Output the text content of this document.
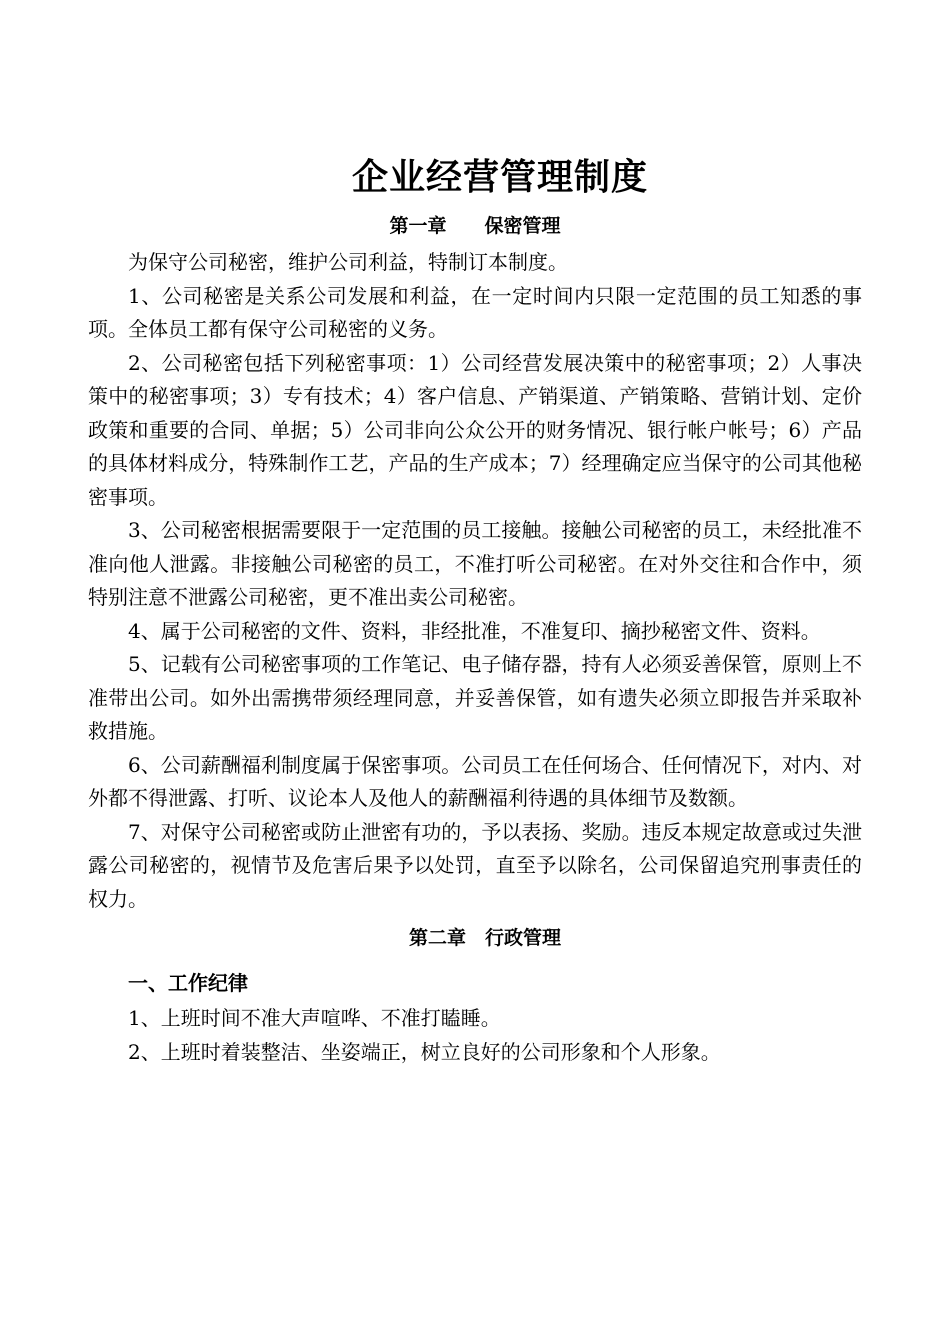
企业经营管理制度
第一章　　保密管理

为保守公司秘密，维护公司利益，特制订本制度。

1、公司秘密是关系公司发展和利益，在一定时间内只限一定范围的员工知悉的事项。全体员工都有保守公司秘密的义务。

2、公司秘密包括下列秘密事项：1）公司经营发展决策中的秘密事项；2）人事决策中的秘密事项；3）专有技术；4）客户信息、产销渠道、产销策略、营销计划、定价政策和重要的合同、单据；5）公司非向公众公开的财务情况、银行帐户帐号；6）产品的具体材料成分，特殊制作工艺，产品的生产成本；7）经理确定应当保守的公司其他秘密事项。

3、公司秘密根据需要限于一定范围的员工接触。接触公司秘密的员工，未经批准不准向他人泄露。非接触公司秘密的员工，不准打听公司秘密。在对外交往和合作中，须特别注意不泄露公司秘密，更不准出卖公司秘密。

4、属于公司秘密的文件、资料，非经批准，不准复印、摘抄秘密文件、资料。

5、记载有公司秘密事项的工作笔记、电子储存器，持有人必须妥善保管，原则上不准带出公司。如外出需携带须经理同意，并妥善保管，如有遗失必须立即报告并采取补救措施。

6、公司薪酬福利制度属于保密事项。公司员工在任何场合、任何情况下，对内、对外都不得泄露、打听、议论本人及他人的薪酬福利待遇的具体细节及数额。

7、对保守公司秘密或防止泄密有功的，予以表扬、奖励。违反本规定故意或过失泄露公司秘密的，视情节及危害后果予以处罚，直至予以除名，公司保留追究刑事责任的权力。

第二章　行政管理
一、工作纪律

1、上班时间不准大声喧哗、不准打瞌睡。

2、上班时着装整洁、坐姿端正，树立良好的公司形象和个人形象。
